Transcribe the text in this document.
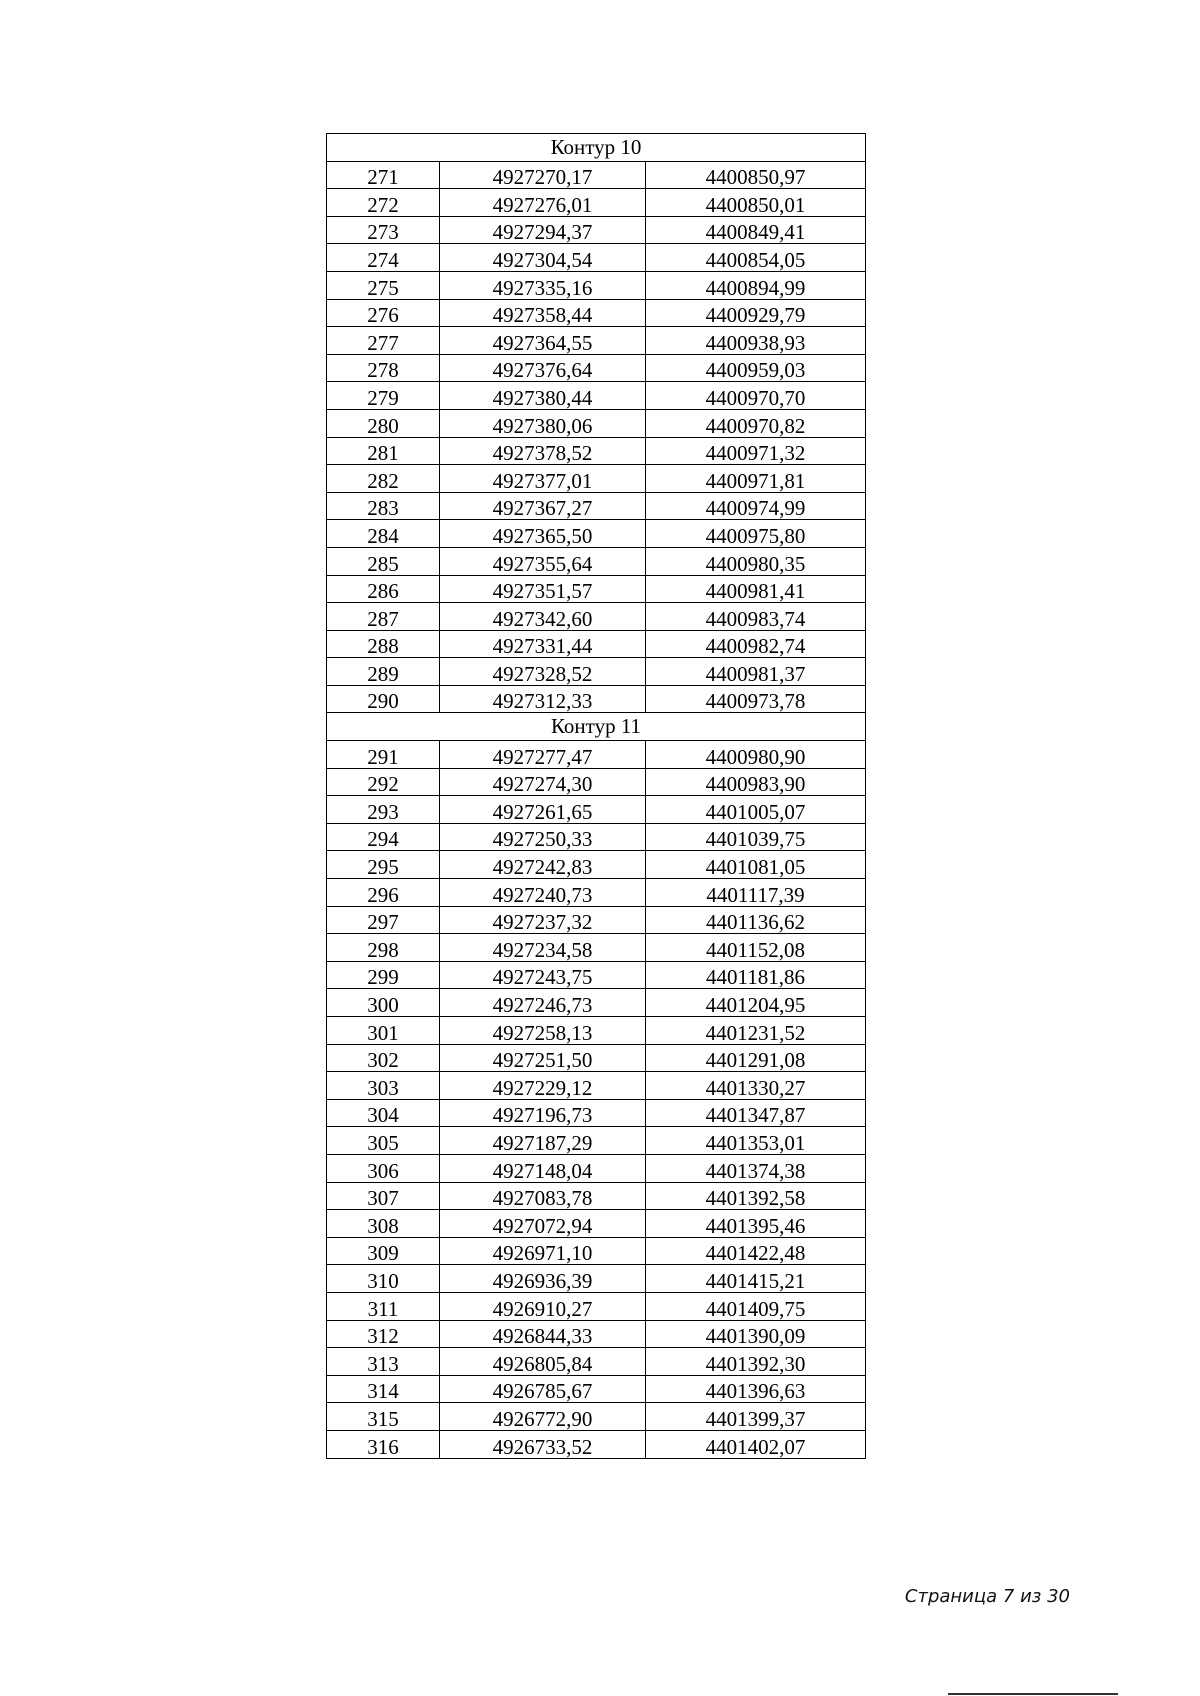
Контур 10		
271	4927270,17	4400850,97
272	4927276,01	4400850,01
273	4927294,37	4400849,41
274	4927304,54	4400854,05
275	4927335,16	4400894,99
276	4927358,44	4400929,79
277	4927364,55	4400938,93
278	4927376,64	4400959,03
279	4927380,44	4400970,70
280	4927380,06	4400970,82
281	4927378,52	4400971,32
282	4927377,01	4400971,81
283	4927367,27	4400974,99
284	4927365,50	4400975,80
285	4927355,64	4400980,35
286	4927351,57	4400981,41
287	4927342,60	4400983,74
288	4927331,44	4400982,74
289	4927328,52	4400981,37
290	4927312,33	4400973,78
Контур 11		
291	4927277,47	4400980,90
292	4927274,30	4400983,90
293	4927261,65	4401005,07
294	4927250,33	4401039,75
295	4927242,83	4401081,05
296	4927240,73	4401117,39
297	4927237,32	4401136,62
298	4927234,58	4401152,08
299	4927243,75	4401181,86
300	4927246,73	4401204,95
301	4927258,13	4401231,52
302	4927251,50	4401291,08
303	4927229,12	4401330,27
304	4927196,73	4401347,87
305	4927187,29	4401353,01
306	4927148,04	4401374,38
307	4927083,78	4401392,58
308	4927072,94	4401395,46
309	4926971,10	4401422,48
310	4926936,39	4401415,21
311	4926910,27	4401409,75
312	4926844,33	4401390,09
313	4926805,84	4401392,30
314	4926785,67	4401396,63
315	4926772,90	4401399,37
316	4926733,52	4401402,07
Страница 7 из 30
